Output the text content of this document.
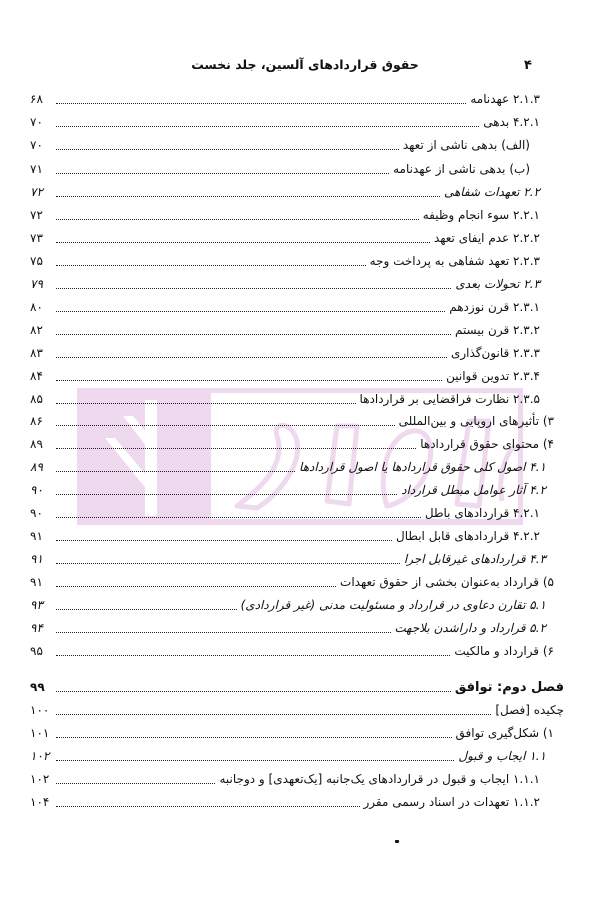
۴
حقوق قراردادهای آلسین، جلد نخست
۲.۱.۳ عهدنامه
۶۸
۴.۲.۱ بدهی
۷۰
(الف) بدهی ناشی از تعهد
۷۰
(ب) بدهی ناشی از عهدنامه
۷۱
۲.۲ تعهدات شفاهی
۷۲
۲.۲.۱ سوء انجام وظیفه
۷۲
۲.۲.۲ عدم ایفای تعهد
۷۳
۲.۲.۳ تعهد شفاهی به پرداخت وجه
۷۵
۲.۳ تحولات بعدی
۷۹
۲.۳.۱ قرن نوزدهم
۸۰
۲.۳.۲ قرن بیستم
۸۲
۲.۳.۳ قانون‌گذاری
۸۳
۲.۳.۴ تدوین قوانین
۸۴
۲.۳.۵ نظارت فراقضایی بر قراردادها
۸۵
۳) تأثیرهای اروپایی و بین‌المللی
۸۶
۴) محتوای حقوق قراردادها
۸۹
۴.۱ اصول کلی حقوق قراردادها یا اصول قراردادها
۸۹
۴.۲ آثار عوامل مبطل قرارداد
۹۰
۴.۲.۱ قراردادهای باطل
۹۰
۴.۲.۲ قراردادهای قابل ابطال
۹۱
۴.۳ قراردادهای غیرقابل اجرا
۹۱
۵) قرارداد به‌عنوان بخشی از حقوق تعهدات
۹۱
۵.۱ تقارن دعاوی در قرارداد و مسئولیت مدنی (غیر قراردادی)
۹۳
۵.۲ قرارداد و داراشدن بلاجهت
۹۴
۶) قرارداد و مالکیت
۹۵
فصل دوم: توافق
۹۹
چکیده [فصل]
۱۰۰
۱) شکل‌گیری توافق
۱۰۱
۱.۱ ایجاب و قبول
۱۰۲
۱.۱.۱ ایجاب و قبول در قراردادهای یک‌جانبه [یک‌تعهدی] و دوجانبه
۱۰۲
۱.۱.۲ تعهدات در اسناد رسمی مقرر
۱۰۴
